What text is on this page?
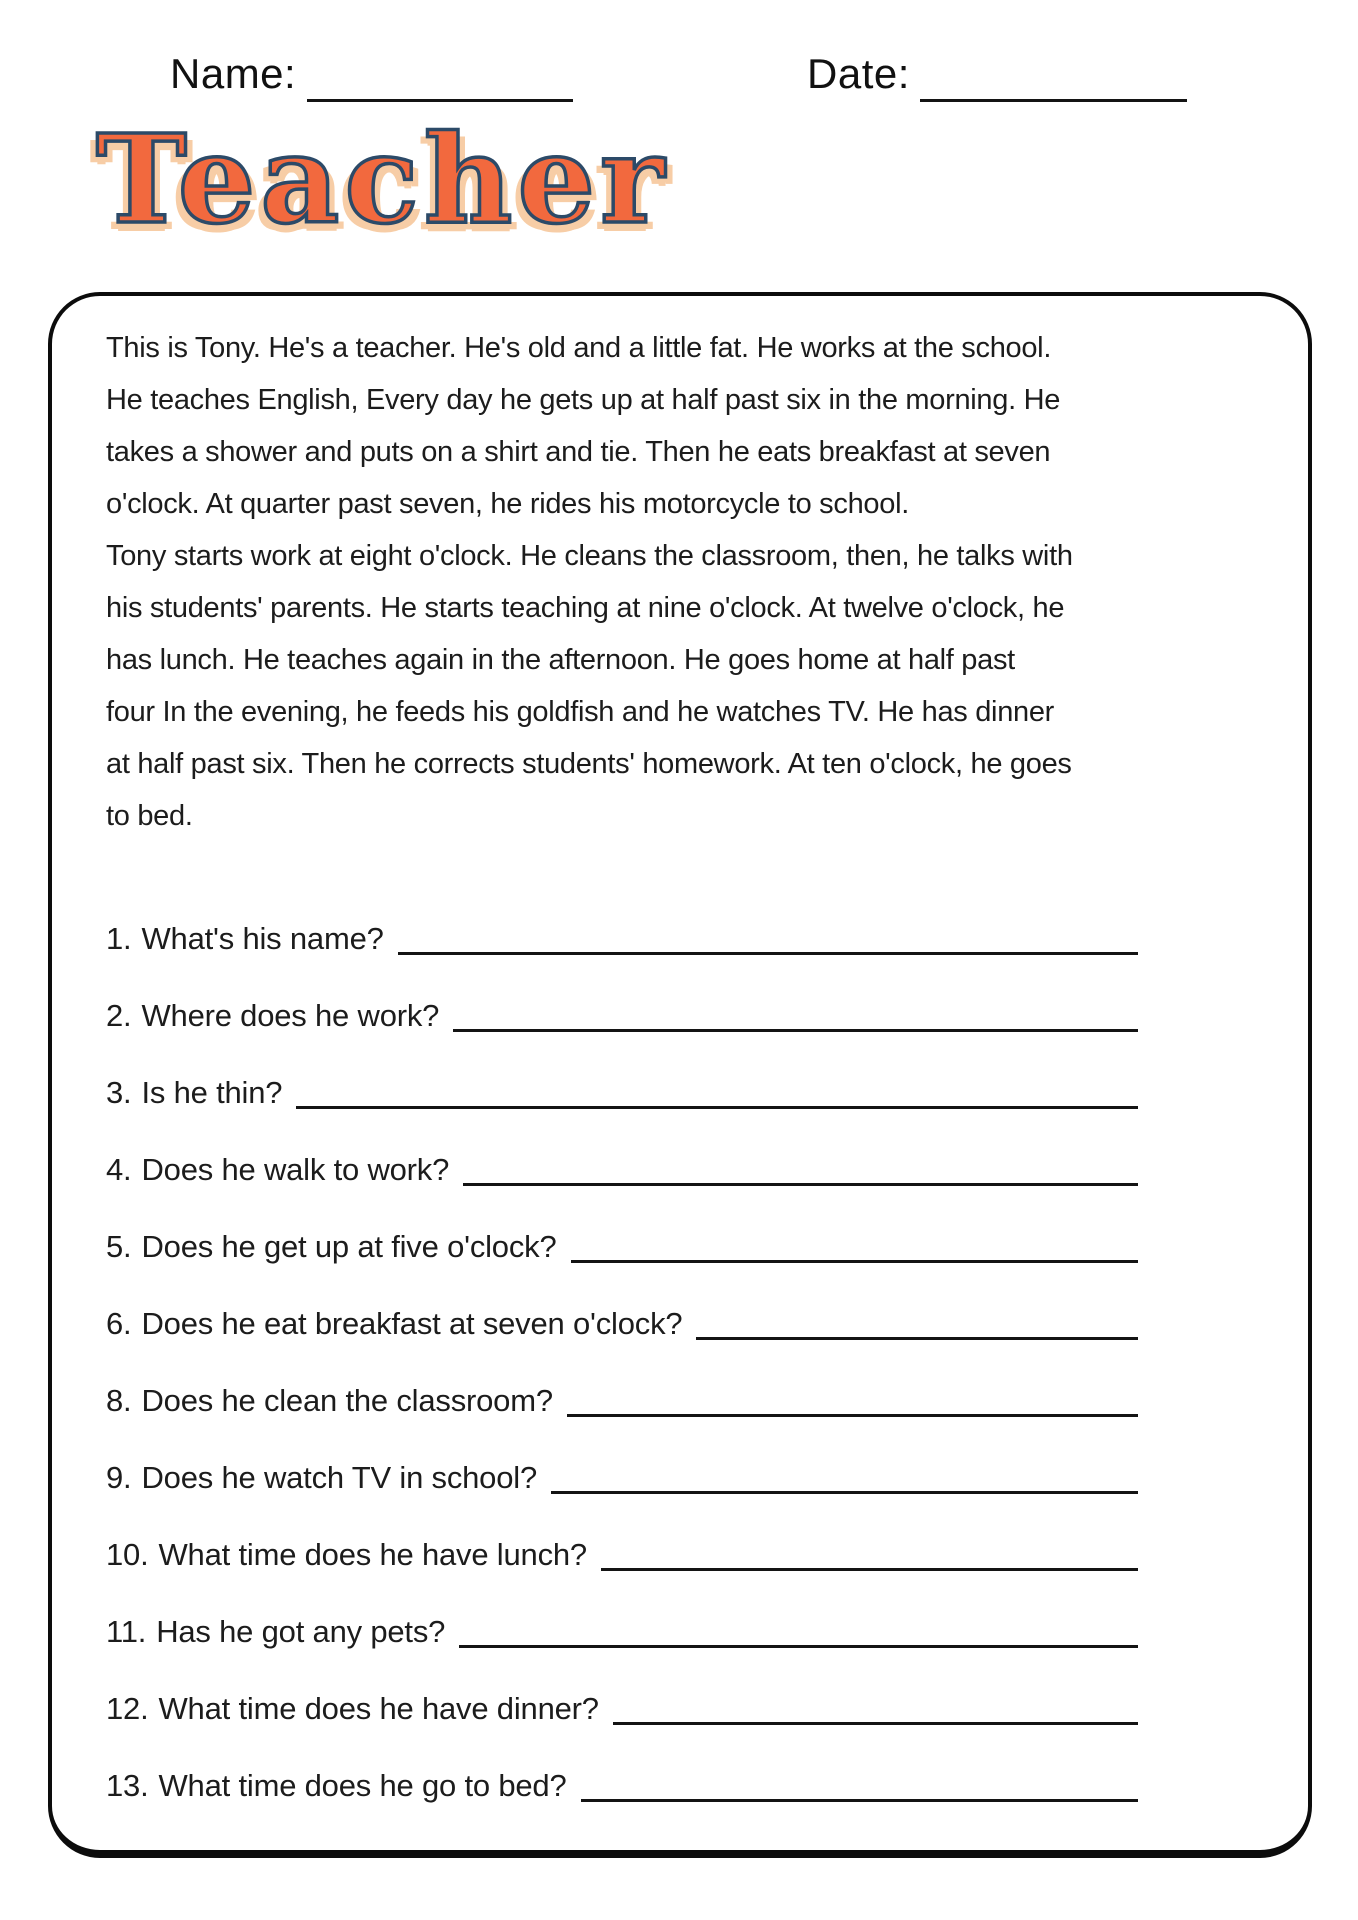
Name:	Date:
Teacher
This is Tony. He's a teacher. He's old and a little fat. He works at the school.
He teaches English, Every day he gets up at half past six in the morning. He
takes a shower and puts on a shirt and tie. Then he eats breakfast at seven
o'clock. At quarter past seven, he rides his motorcycle to school.
Tony starts work at eight o'clock. He cleans the classroom, then, he talks with
his students' parents. He starts teaching at nine o'clock. At twelve o'clock, he
has lunch. He teaches again in the afternoon. He goes home at half past
four In the evening, he feeds his goldfish and he watches TV. He has dinner
at half past six. Then he corrects students' homework. At ten o'clock, he goes
to bed.
1. What's his name?
2. Where does he work?
3. Is he thin?
4. Does he walk to work?
5. Does he get up at five o'clock?
6. Does he eat breakfast at seven o'clock?
8. Does he clean the classroom?
9. Does he watch TV in school?
10. What time does he have lunch?
11. Has he got any pets?
12. What time does he have dinner?
13. What time does he go to bed?
